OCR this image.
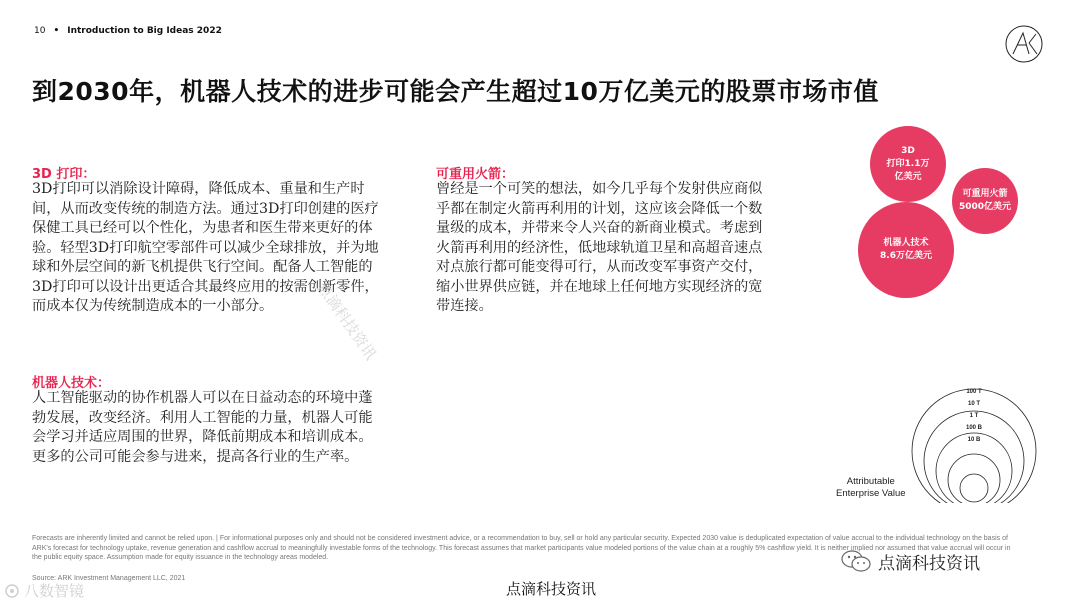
10 • Introduction to Big Ideas 2022
到2030年，机器人技术的进步可能会产生超过10万亿美元的股票市场市值
3D 打印：
3D打印可以消除设计障碍，降低成本、重量和生产时间，从而改变传统的制造方法。通过3D打印创建的医疗保健工具已经可以个性化，为患者和医生带来更好的体验。轻型3D打印航空零部件可以减少全球排放，并为地球和外层空间的新飞机提供飞行空间。配备人工智能的3D打印可以设计出更适合其最终应用的按需创新零件，而成本仅为传统制造成本的一小部分。
机器人技术：
人工智能驱动的协作机器人可以在日益动态的环境中蓬勃发展，改变经济。利用人工智能的力量，机器人可能会学习并适应周围的世界，降低前期成本和培训成本。更多的公司可能会参与进来，提高各行业的生产率。
可重用火箭：
曾经是一个可笑的想法，如今几乎每个发射供应商似乎都在制定火箭再利用的计划，这应该会降低一个数量级的成本，并带来令人兴奋的新商业模式。考虑到火箭再利用的经济性，低地球轨道卫星和高超音速点对点旅行都可能变得可行，从而改变军事资产交付，缩小世界供应链，并在地球上任何地方实现经济的宽带连接。
3D
打印1.1万
亿美元
可重用火箭
5000亿美元
机器人技术
8.6万亿美元
100 T
10 T
1 T
100 B
10 B
Attributable
Enterprise Value
Forecasts are inherently limited and cannot be relied upon. | For informational purposes only and should not be considered investment advice, or a recommendation to buy, sell or hold any particular security. Expected 2030 value is deduplicated expectation of value accrual to the individual technology on the basis of ARK's forecast for technology uptake, revenue generation and cashflow accrual to meaningfully investable forms of the technology. This forecast assumes that market participants value modeled portions of the value chain at a roughly 5% cashflow yield. It is neither implied nor assumed that value accrual will occur in the public equity space. Assumption made for equity issuance in the technology areas modeled.
Source: ARK Investment Management LLC, 2021
点滴科技资讯
点滴科技资讯
点滴科技资讯
八数智镜
